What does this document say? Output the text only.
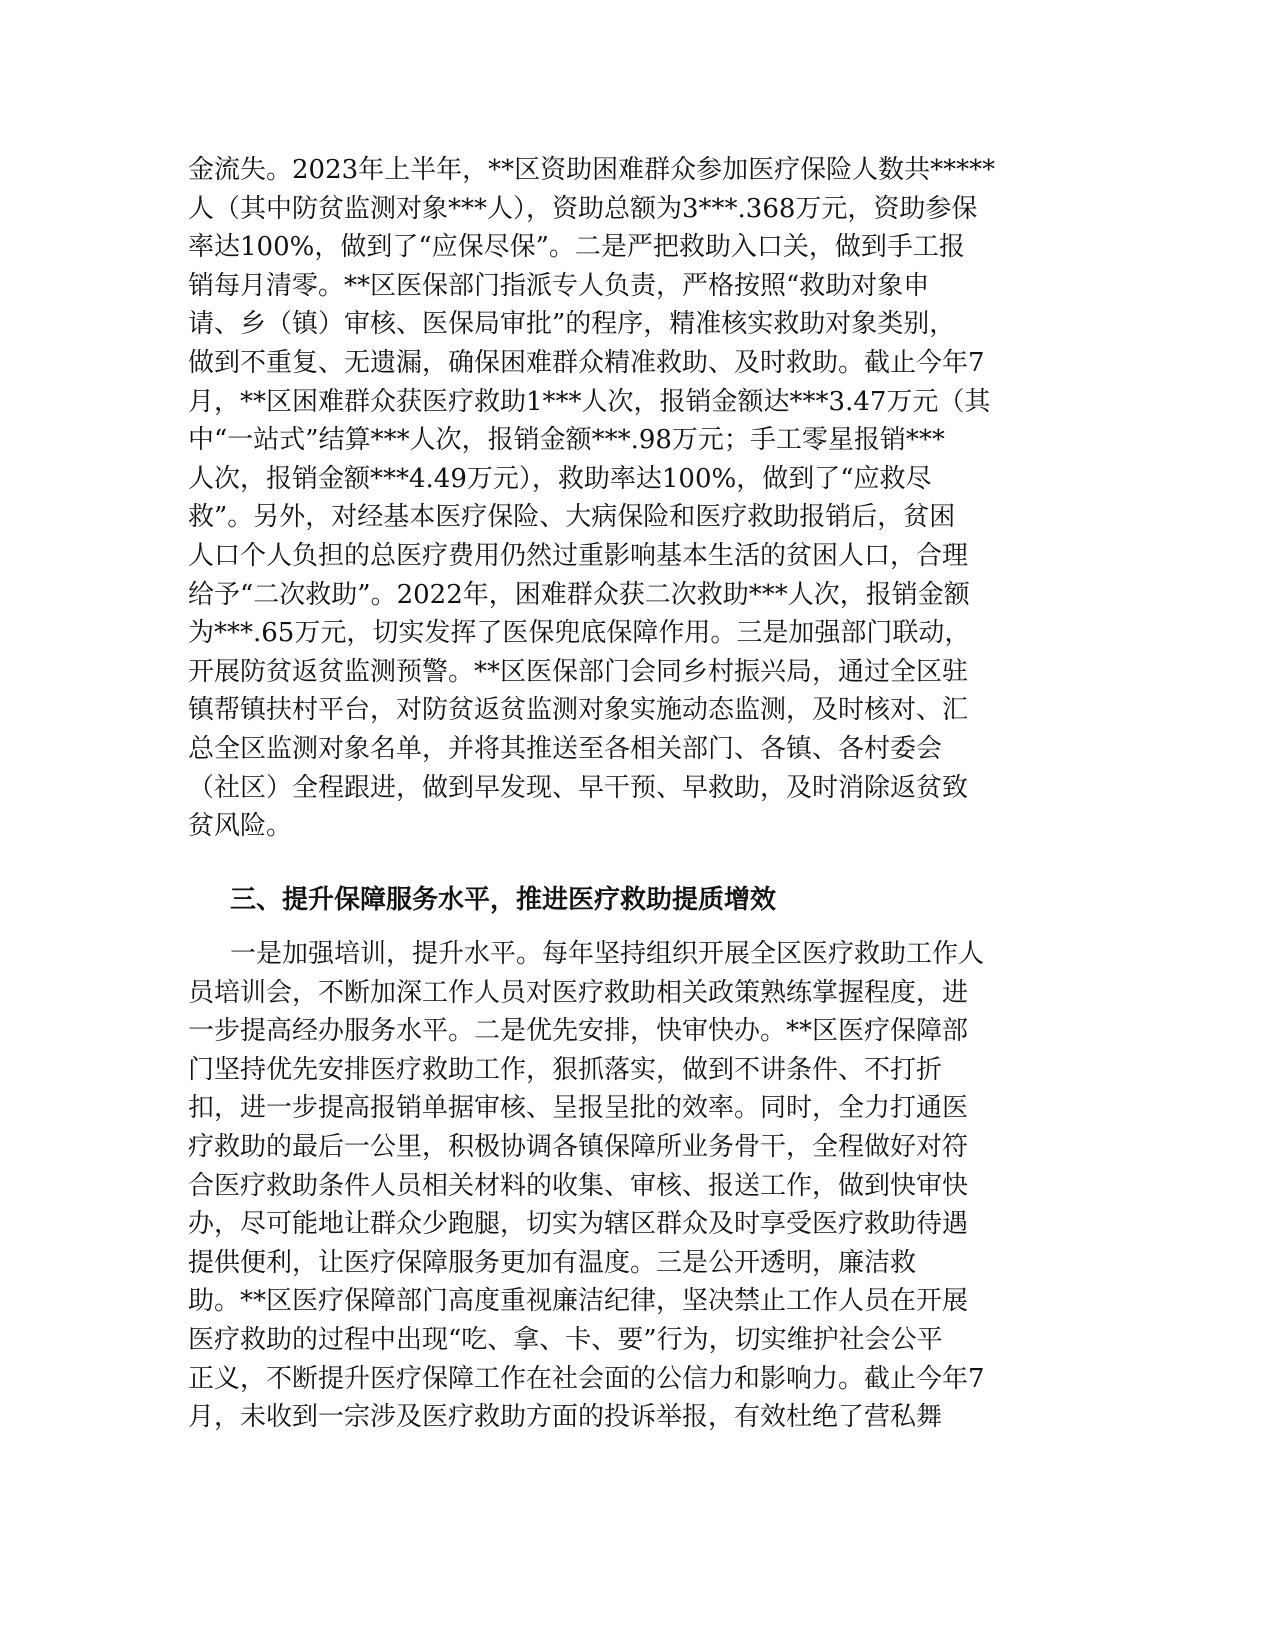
金流失。2023年上半年，**区资助困难群众参加医疗保险人数共*****
人（其中防贫监测对象***人），资助总额为3***.368万元，资助参保
率达100%，做到了“应保尽保”。二是严把救助入口关，做到手工报
销每月清零。**区医保部门指派专人负责，严格按照“救助对象申
请、乡（镇）审核、医保局审批”的程序，精准核实救助对象类别，
做到不重复、无遗漏，确保困难群众精准救助、及时救助。截止今年7
月，**区困难群众获医疗救助1***人次，报销金额达***3.47万元（其
中“一站式”结算***人次，报销金额***.98万元；手工零星报销***
人次，报销金额***4.49万元），救助率达100%，做到了“应救尽
救”。另外，对经基本医疗保险、大病保险和医疗救助报销后，贫困
人口个人负担的总医疗费用仍然过重影响基本生活的贫困人口，合理
给予“二次救助”。2022年，困难群众获二次救助***人次，报销金额
为***.65万元，切实发挥了医保兜底保障作用。三是加强部门联动，
开展防贫返贫监测预警。**区医保部门会同乡村振兴局，通过全区驻
镇帮镇扶村平台，对防贫返贫监测对象实施动态监测，及时核对、汇
总全区监测对象名单，并将其推送至各相关部门、各镇、各村委会
（社区）全程跟进，做到早发现、早干预、早救助，及时消除返贫致
贫风险。
三、提升保障服务水平，推进医疗救助提质增效
一是加强培训，提升水平。每年坚持组织开展全区医疗救助工作人
员培训会，不断加深工作人员对医疗救助相关政策熟练掌握程度，进
一步提高经办服务水平。二是优先安排，快审快办。**区医疗保障部
门坚持优先安排医疗救助工作，狠抓落实，做到不讲条件、不打折
扣，进一步提高报销单据审核、呈报呈批的效率。同时，全力打通医
疗救助的最后一公里，积极协调各镇保障所业务骨干，全程做好对符
合医疗救助条件人员相关材料的收集、审核、报送工作，做到快审快
办，尽可能地让群众少跑腿，切实为辖区群众及时享受医疗救助待遇
提供便利，让医疗保障服务更加有温度。三是公开透明，廉洁救
助。**区医疗保障部门高度重视廉洁纪律，坚决禁止工作人员在开展
医疗救助的过程中出现“吃、拿、卡、要”行为，切实维护社会公平
正义，不断提升医疗保障工作在社会面的公信力和影响力。截止今年7
月，未收到一宗涉及医疗救助方面的投诉举报，有效杜绝了营私舞
